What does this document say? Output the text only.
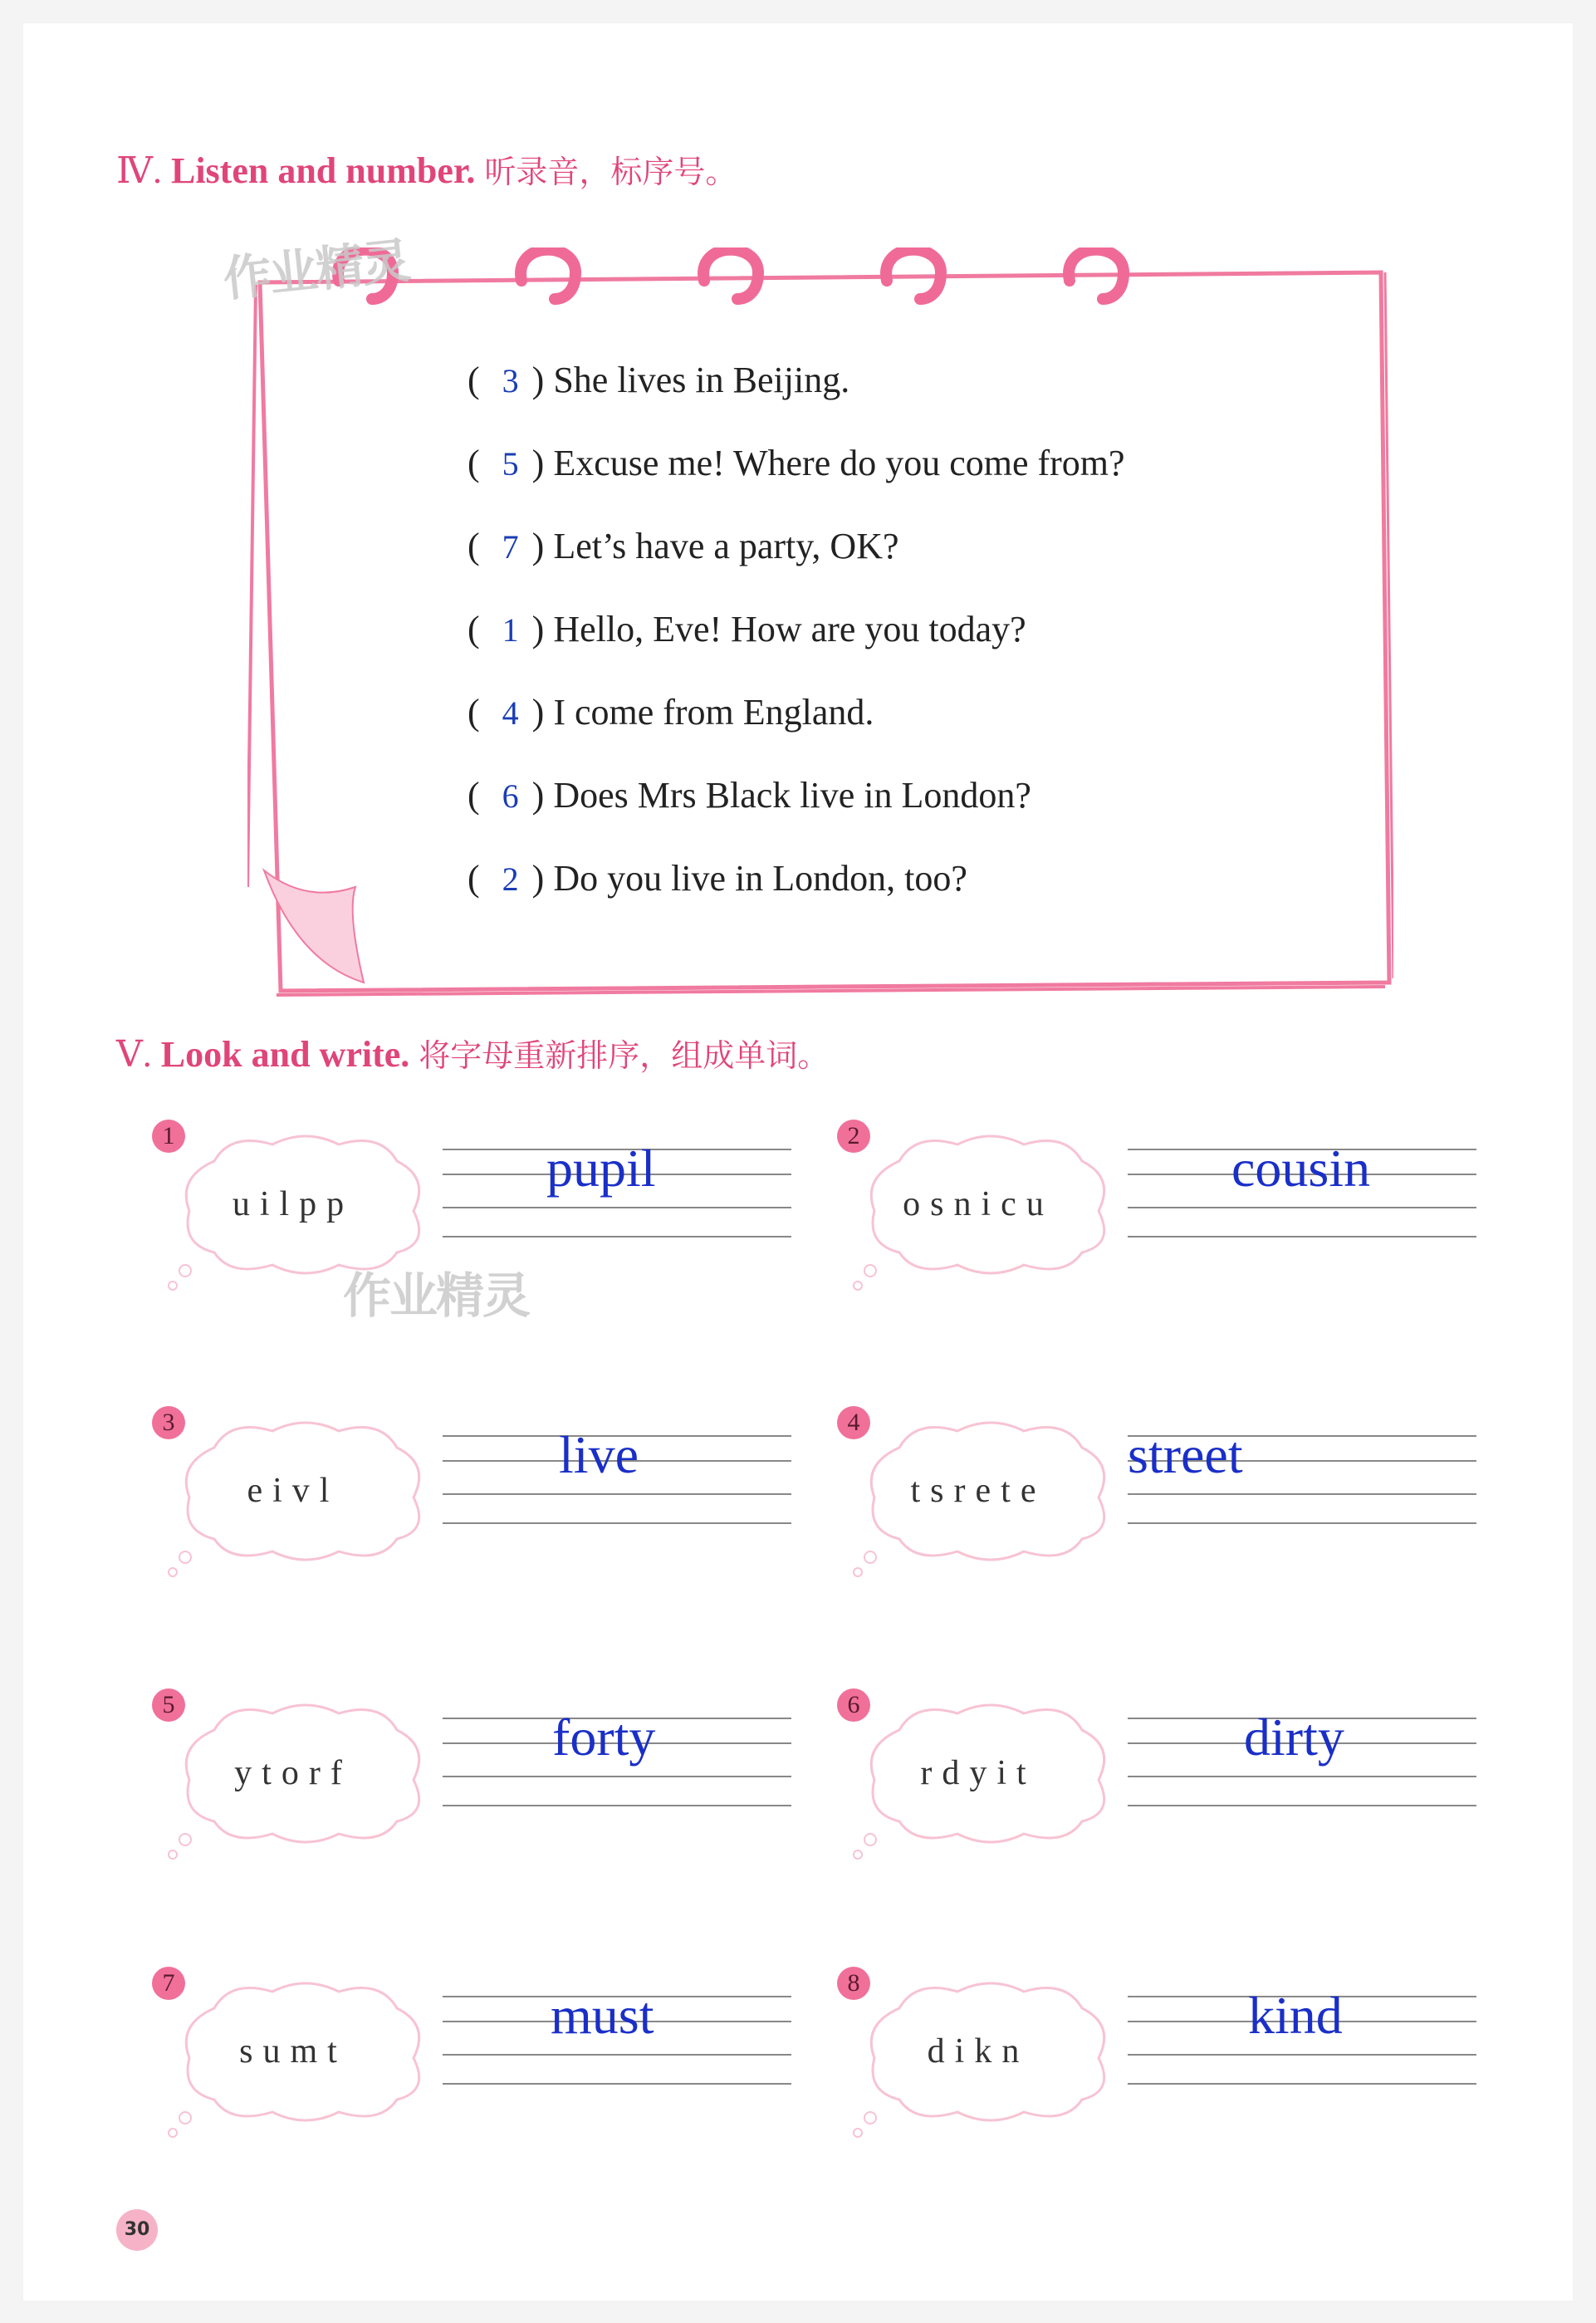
Ⅳ. Listen and number. 听录音，标序号。
( 3 ) She lives in Beijing.
( 5 ) Excuse me! Where do you come from?
( 7 ) Let’s have a party, OK?
( 1 ) Hello, Eve! How are you today?
( 4 ) I come from England.
( 6 ) Does Mrs Black live in London?
( 2 ) Do you live in London, too?
作业精灵
作业精灵
Ⅴ. Look and write. 将字母重新排序，组成单词。
1
uilpp
pupil
2
osnicu
cousin
3
eivl
live
4
tsrete
street
5
ytorf
forty
6
rdyit
dirty
7
sumt
must
8
dikn
kind
30
